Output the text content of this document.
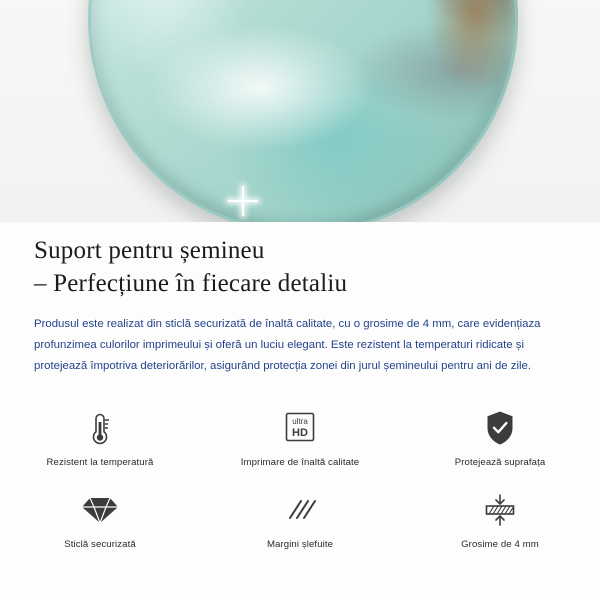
Suport pentru șemineu
– Perfecțiune în fiecare detaliu

Produsul este realizat din sticlă securizată de înaltă calitate, cu o grosime de 4 mm, care evidențiaza profunzimea culorilor imprimeului și oferă un luciu elegant. Este rezistent la temperaturi ridicate și protejează împotriva deteriorărilor, asigurând protecția zonei din jurul șemineului pentru ani de zile.

Rezistent la temperatură
ultra
HD
Imprimare de înaltă calitate	Protejează suprafața
Sticlă securizată	Margini șlefuite	Grosime de 4 mm
